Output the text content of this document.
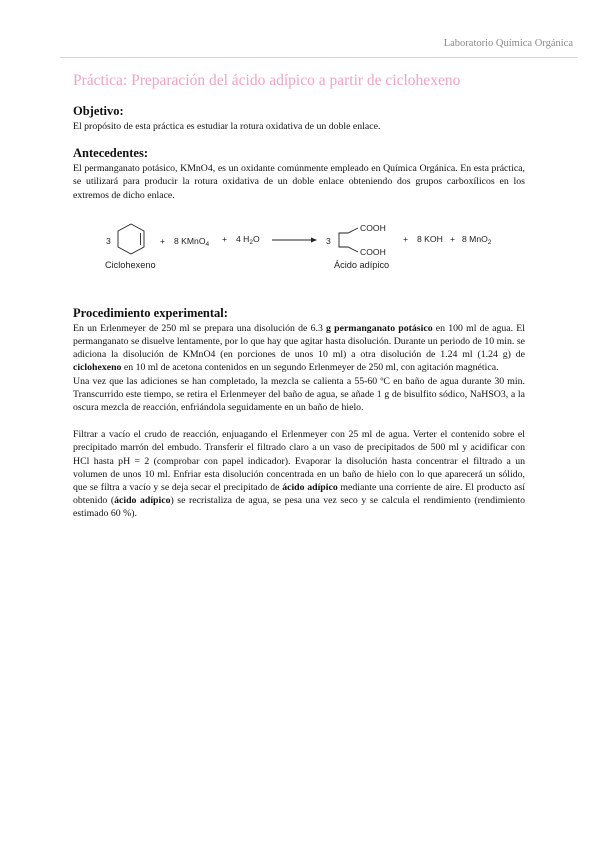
Laboratorio Química Orgánica
Práctica: Preparación del ácido adípico a partir de ciclohexeno
Objetivo:

El propósito de esta práctica es estudiar la rotura oxidativa de un doble enlace.

Antecedentes:

El permanganato potásico, KMnO4, es un oxidante comúnmente empleado en Química Orgánica. En esta práctica, se utilizará para producir la rotura oxidativa de un doble enlace obteniendo dos grupos carboxílicos en los extremos de dicho enlace.

3	+ 8 KMnO$_4$
+ 4 $H_2O$	3
COOH
COOH
+ 8 KOH + 8 MnO$_2$
Ciclohexeno	Ácido adípico
Procedimiento experimental:

En un Erlenmeyer de 250 ml se prepara una disolución de 6.3 g permanganato potásico en 100 ml de agua. El permanganato se disuelve lentamente, por lo que hay que agitar hasta disolución. Durante un periodo de 10 min. se adiciona la disolución de KMnO4 (en porciones de unos 10 ml) a otra disolución de 1.24 ml (1.24 g) de ciclohexeno en 10 ml de acetona contenidos en un segundo Erlenmeyer de 250 ml, con agitación magnética.

Una vez que las adiciones se han completado, la mezcla se calienta a 55-60 ºC en baño de agua durante 30 min. Transcurrido este tiempo, se retira el Erlenmeyer del baño de agua, se añade 1 g de bisulfito sódico, NaHSO3, a la oscura mezcla de reacción, enfriándola seguidamente en un baño de hielo.

Filtrar a vacío el crudo de reacción, enjuagando el Erlenmeyer con 25 ml de agua. Verter el contenido sobre el precipitado marrón del embudo. Transferir el filtrado claro a un vaso de precipitados de 500 ml y acidificar con HCl hasta pH = 2 (comprobar con papel indicador). Evaporar la disolución hasta concentrar el filtrado a un volumen de unos 10 ml. Enfriar esta disolución concentrada en un baño de hielo con lo que aparecerá un sólido, que se filtra a vacío y se deja secar el precipitado de ácido adípico mediante una corriente de aire. El producto así obtenido (ácido adípico) se recristaliza de agua, se pesa una vez seco y se calcula el rendimiento (rendimiento estimado 60 %).
